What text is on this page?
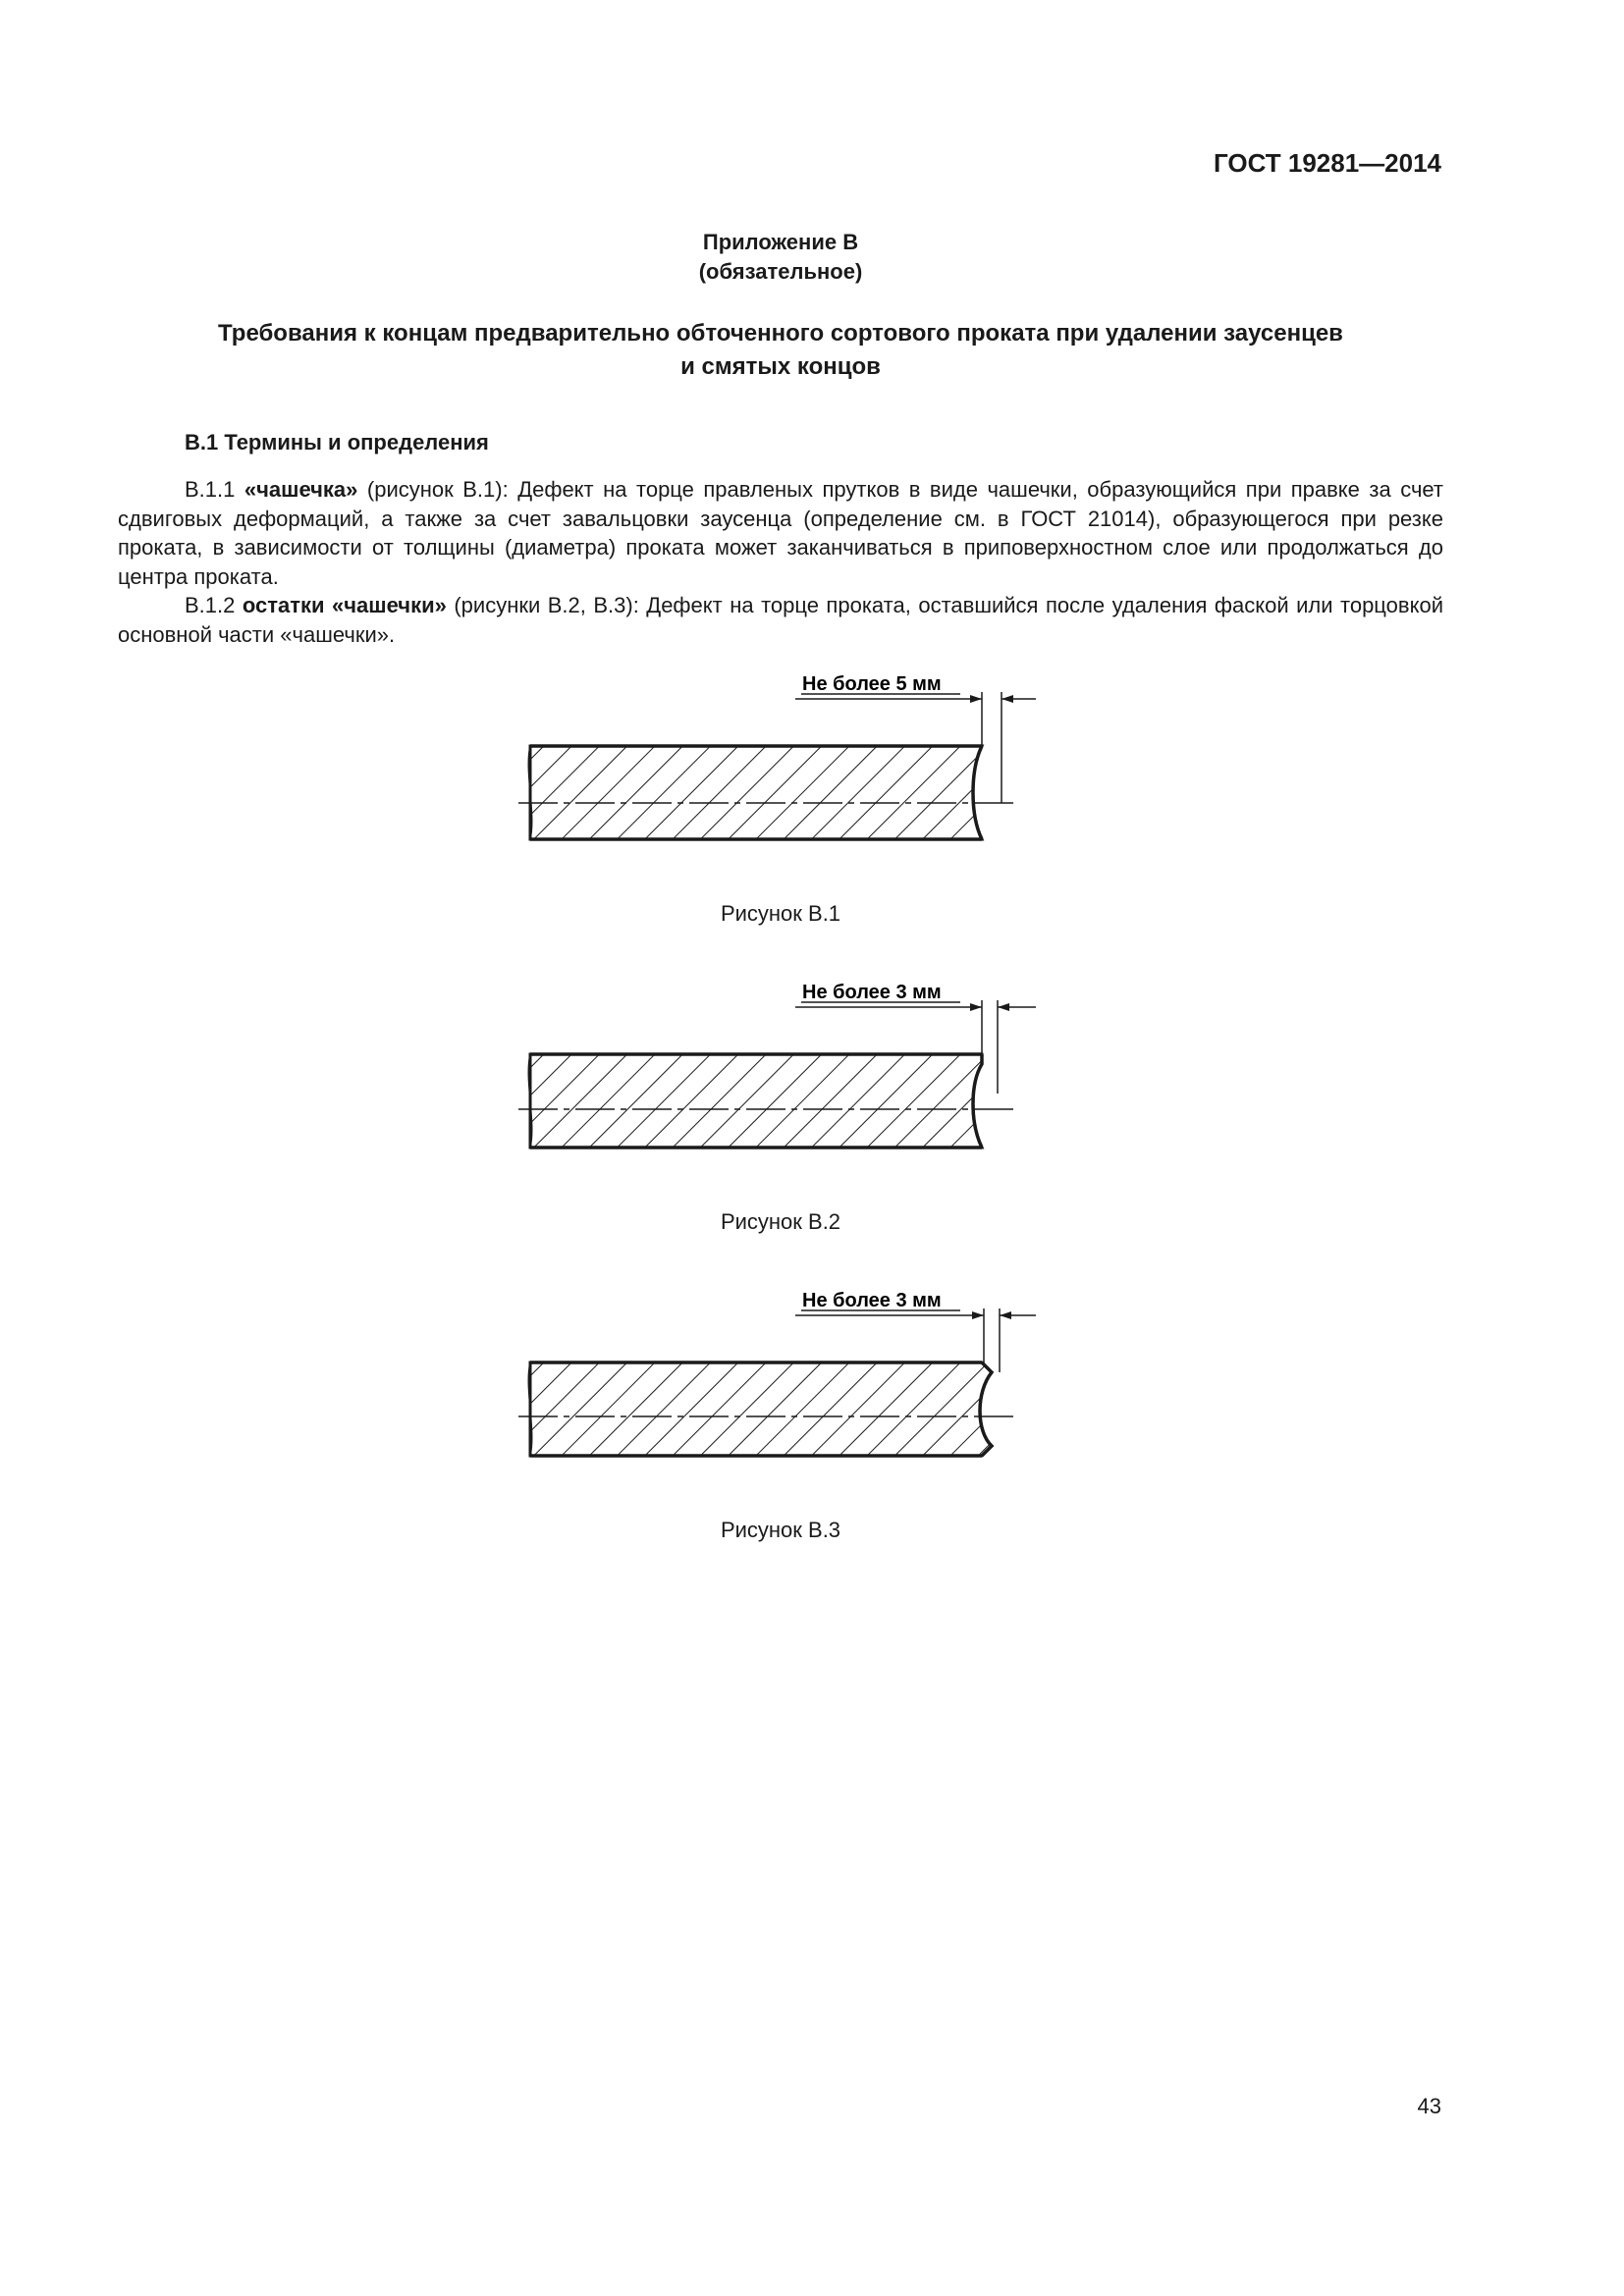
ГОСТ 19281—2014
Приложение В
(обязательное)
Требования к концам предварительно обточенного сортового проката при удалении заусенцев
и смятых концов
В.1 Термины и определения
В.1.1 «чашечка» (рисунок В.1): Дефект на торце правленых прутков в виде чашечки, образующийся при правке за счет сдвиговых деформаций, а также за счет завальцовки заусенца (определение см. в ГОСТ 21014), образующегося при резке проката, в зависимости от толщины (диаметра) проката может заканчиваться в приповерхностном слое или продолжаться до центра проката.
В.1.2 остатки «чашечки» (рисунки В.2, В.3): Дефект на торце проката, оставшийся после удаления фаской или торцовкой основной части «чашечки».
Не более 5 мм
Рисунок В.1
Не более 3 мм
Рисунок В.2
Не более 3 мм
Рисунок В.3
43
